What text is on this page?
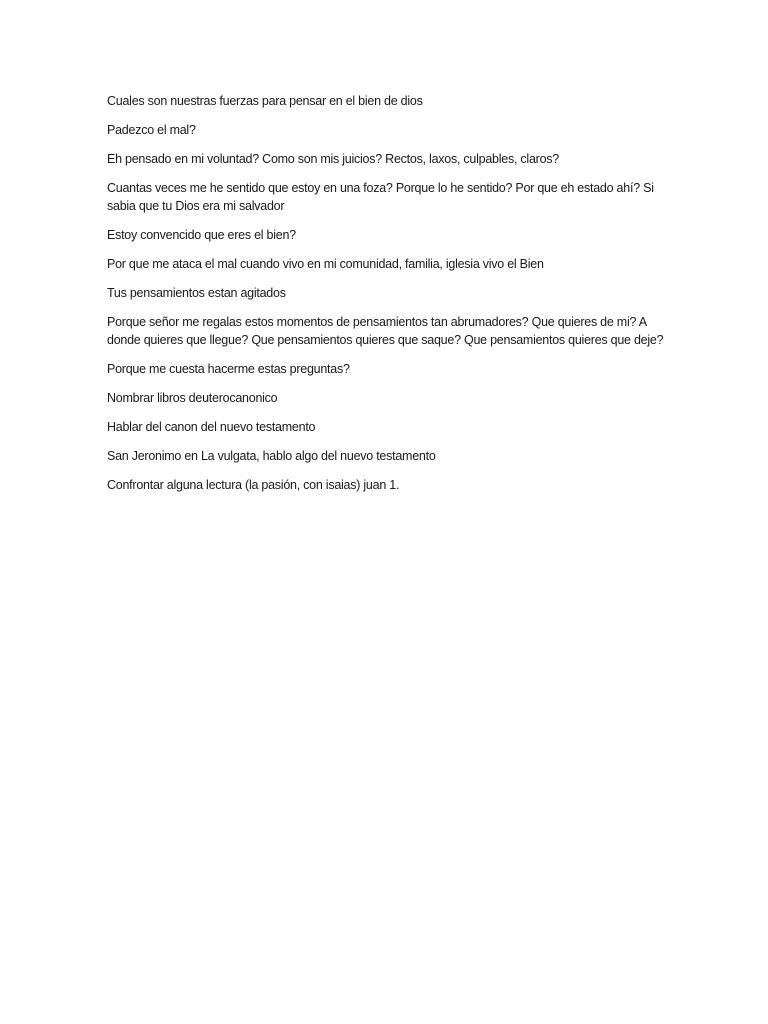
Cuales son nuestras fuerzas para pensar en el bien de dios

Padezco el mal?

Eh pensado en mi voluntad? Como son mis juicios? Rectos, laxos, culpables, claros?

Cuantas veces me he sentido que estoy en una foza? Porque lo he sentido? Por que eh estado ahí? Si sabia que tu Dios era mi salvador

Estoy convencido que eres el bien?

Por que me ataca el mal cuando vivo en mi comunidad, familia, iglesia vivo el Bien

Tus pensamientos estan agitados

Porque señor me regalas estos momentos de pensamientos tan abrumadores? Que quieres de mi? A donde quieres que llegue? Que pensamientos quieres que saque? Que pensamientos quieres que deje?

Porque me cuesta hacerme estas preguntas?

Nombrar libros deuterocanonico

Hablar del canon del nuevo testamento

San Jeronimo en La vulgata, hablo algo del nuevo testamento

Confrontar alguna lectura (la pasión, con isaias) juan 1.
